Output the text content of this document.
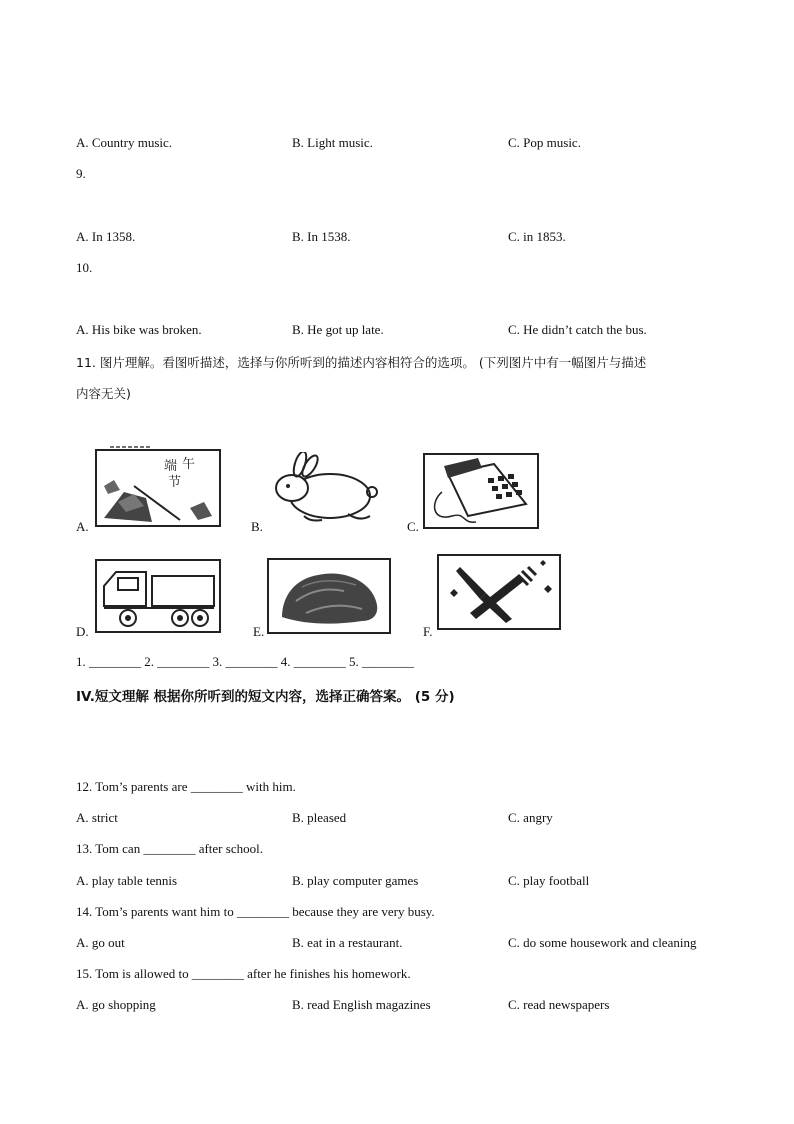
A. Country music.	B. Light music.	C. Pop music.
9.
A. In 1358.	B. In 1538.	C. in 1853.
10.
A. His bike was broken.	B. He got up late.	C. He didn’t catch the bus.
11. 图片理解。看图听描述，选择与你所听到的描述内容相符合的选项。 (下列图片中有一幅图片与描述
内容无关)
A.	B.	C.
D.	E.	F.
端 午
节
1. ________ 2. ________ 3. ________ 4. ________ 5. ________
IV.短文理解 根据你所听到的短文内容，选择正确答案。 (5 分)
12. Tom’s parents are ________ with him.
A. strict	B. pleased	C. angry
13. Tom can ________ after school.
A. play table tennis	B. play computer games	C. play football
14. Tom’s parents want him to ________ because they are very busy.
A. go out	B. eat in a restaurant.	C. do some housework and cleaning
15. Tom is allowed to ________ after he finishes his homework.
A. go shopping	B. read English magazines	C. read newspapers
